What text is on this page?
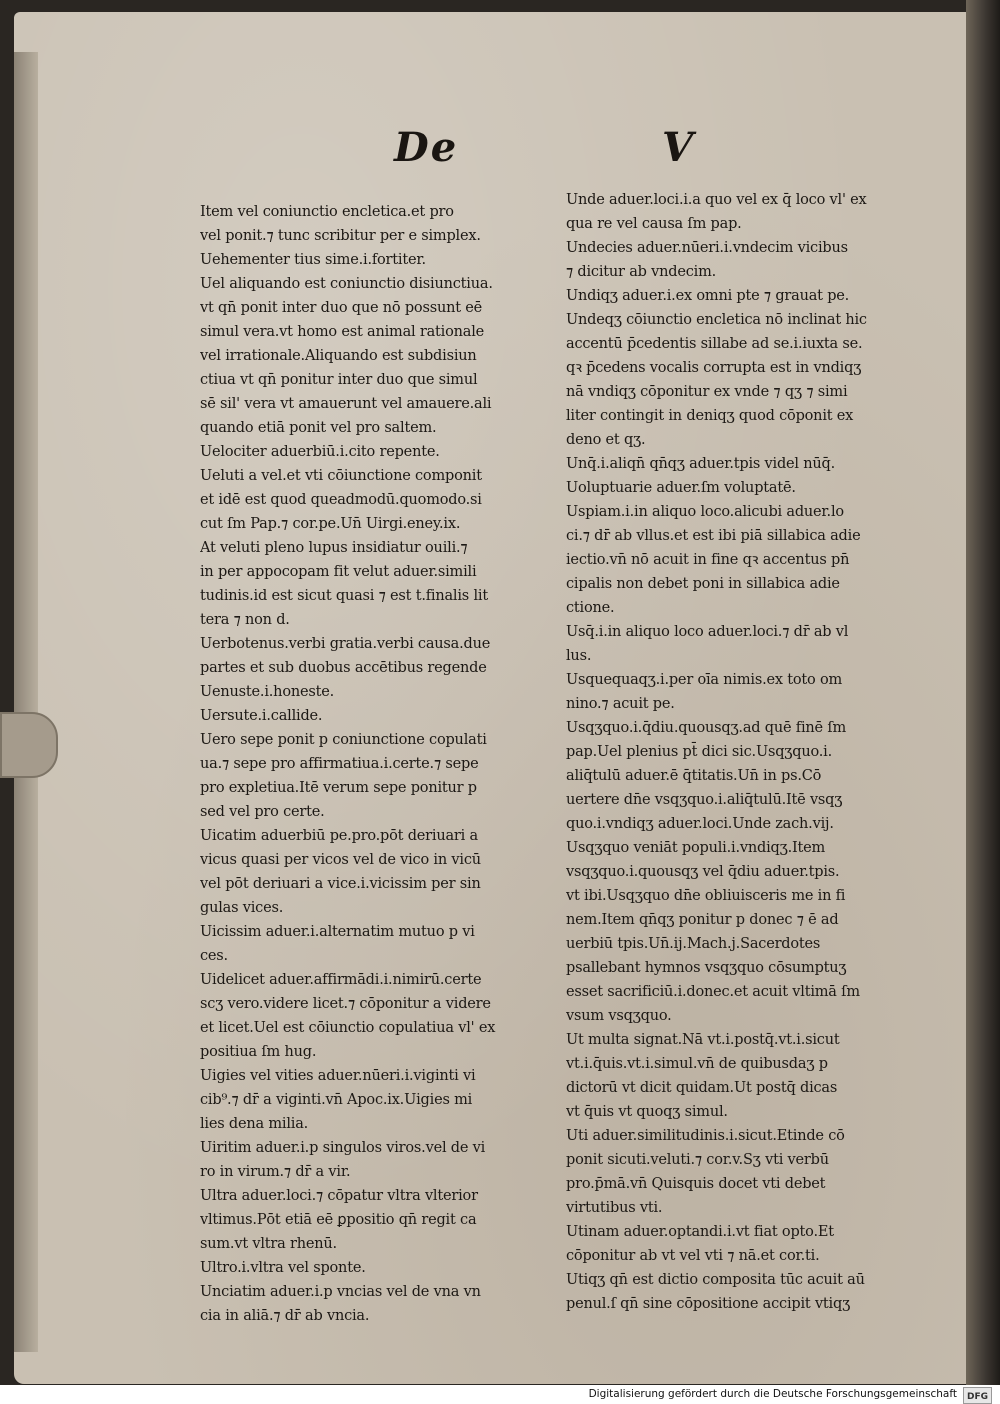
De	V
Item vel coniunctio encletica.et pro
vel ponit.⁊ tunc scribitur per e simplex.
Uehementer tius sime.i.fortiter.
Uel aliquando est coniunctio disiunctiua.
vt qn̄ ponit inter duo que nō possunt eē
simul vera.vt homo est animal rationale
vel irrationale.Aliquando est subdisiun
ctiua vt qn̄ ponitur inter duo que simul
sē sil' vera vt amauerunt vel amauere.ali
quando etiā ponit vel pro saltem.
Uelociter aduerbiū.i.cito repente.
Ueluti a vel.et vti cōiunctione componit
et idē est quod queadmodū.quomodo.si
cut ſm Pap.⁊ cor.pe.Un̄ Uirgi.eney.ix.
At veluti pleno lupus insidiatur ouili.⁊
in per appocopam fit velut aduer.simili
tudinis.id est sicut quasi ⁊ est t.finalis lit
tera ⁊ non d.
Uerbotenus.verbi gratia.verbi causa.due
partes et sub duobus accētibus regende
Uenuste.i.honeste.
Uersute.i.callide.
Uero sepe ponit p coniunctione copulati
ua.⁊ sepe pro affirmatiua.i.certe.⁊ sepe
pro expletiua.Itē verum sepe ponitur p
sed vel pro certe.
Uicatim aduerbiū pe.pro.pōt deriuari a
vicus quasi per vicos vel de vico in vicū
vel pōt deriuari a vice.i.vicissim per sin
gulas vices.
Uicissim aduer.i.alternatim mutuo p vi
ces.
Uidelicet aduer.affirmādi.i.nimirū.certe
scʒ vero.videre licet.⁊ cōponitur a videre
et licet.Uel est cōiunctio copulatiua vl' ex
positiua ſm hug.
Uigies vel vities aduer.nūeri.i.viginti vi
cib⁹.⁊ dr̄ a viginti.vn̄ Apoc.ix.Uigies mi
lies dena milia.
Uiritim aduer.i.p singulos viros.vel de vi
ro in virum.⁊ dr̄ a vir.
Ultra aduer.loci.⁊ cōpatur vltra vlterior
vltimus.Pōt etiā eē ꝑpositio qn̄ regit ca
sum.vt vltra rhenū.
Ultro.i.vltra vel sponte.
Unciatim aduer.i.p vncias vel de vna vn
cia in aliā.⁊ dr̄ ab vncia.
Unde aduer.loci.i.a quo vel ex q̄ loco vl' ex
qua re vel causa ſm pap.
Undecies aduer.nūeri.i.vndecim vicibus
⁊ dicitur ab vndecim.
Undiqʒ aduer.i.ex omni pte ⁊ grauat pe.
Undeqʒ cōiunctio encletica nō inclinat hic
accentū p̄cedentis sillabe ad se.i.iuxta se.
qꝛ p̄cedens vocalis corrupta est in vndiqʒ
nā vndiqʒ cōponitur ex vnde ⁊ qʒ ⁊ simi
liter contingit in deniqʒ quod cōponit ex
deno et qʒ.
Unq̄.i.aliqn̄ qn̄qʒ aduer.tpis videl nūq̄.
Uoluptuarie aduer.ſm voluptatē.
Uspiam.i.in aliquo loco.alicubi aduer.lo
ci.⁊ dr̄ ab vllus.et est ibi piā sillabica adie
iectio.vn̄ nō acuit in fine qꝛ accentus pn̄
cipalis non debet poni in sillabica adie
ctione.
Usq̄.i.in aliquo loco aduer.loci.⁊ dr̄ ab vl
lus.
Usquequaqʒ.i.per oīa nimis.ex toto om
nino.⁊ acuit pe.
Usqʒquo.i.q̄diu.quousqʒ.ad quē finē ſm
pap.Uel plenius pt̄ dici sic.Usqʒquo.i.
aliq̄tulū aduer.ē q̄titatis.Un̄ in ps.Cō
uertere dn̄e vsqʒquo.i.aliq̄tulū.Itē vsqʒ
quo.i.vndiqʒ aduer.loci.Unde zach.vij.
Usqʒquo veniāt populi.i.vndiqʒ.Item
vsqʒquo.i.quousqʒ vel q̄diu aduer.tpis.
vt ibi.Usqʒquo dn̄e obliuisceris me in fi
nem.Item qn̄qʒ ponitur p donec ⁊ ē ad
uerbiū tpis.Un̄.ij.Mach.j.Sacerdotes
psallebant hymnos vsqʒquo cōsumptuʒ
esset sacrificiū.i.donec.et acuit vltimā ſm
vsum vsqʒquo.
Ut multa signat.Nā vt.i.postq̄.vt.i.sicut
vt.i.q̄uis.vt.i.simul.vn̄ de quibusdaʒ p
dictorū vt dicit quidam.Ut postq̄ dicas
vt q̄uis vt quoqʒ simul.
Uti aduer.similitudinis.i.sicut.Etinde cō
ponit sicuti.veluti.⁊ cor.v.Sʒ vti verbū
pro.p̄mā.vn̄ Quisquis docet vti debet
virtutibus vti.
Utinam aduer.optandi.i.vt fiat opto.Et
cōponitur ab vt vel vti ⁊ nā.et cor.ti.
Utiqʒ qn̄ est dictio composita tūc acuit aū
penul.ſ qn̄ sine cōpositione accipit vtiqʒ
Digitalisierung gefördert durch die Deutsche Forschungsgemeinschaft DFG
